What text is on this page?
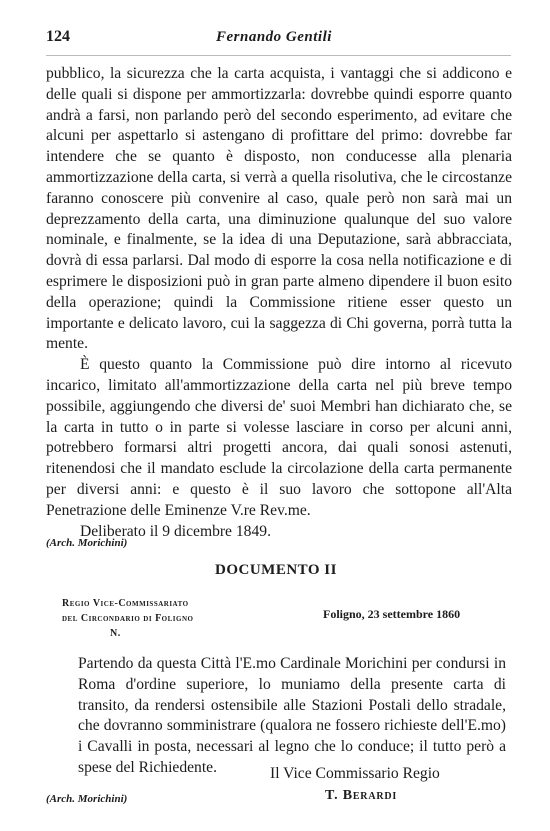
124	Fernando Gentili

pubblico, la sicurezza che la carta acquista, i vantaggi che si addicono e delle quali si dispone per ammortizzarla: dovrebbe quindi esporre quanto andrà a farsi, non parlando però del secondo esperimento, ad evitare che alcuni per aspettarlo si astengano di profittare del primo: dovrebbe far intendere che se quanto è disposto, non conducesse alla plenaria ammortizzazione della carta, si verrà a quella risolutiva, che le circostanze faranno conoscere più convenire al caso, quale però non sarà mai un deprezzamento della carta, una diminuzione qualunque del suo valore nominale, e finalmente, se la idea di una Deputazione, sarà abbracciata, dovrà di essa parlarsi. Dal modo di esporre la cosa nella notificazione e di esprimere le disposizioni può in gran parte almeno dipendere il buon esito della operazione; quindi la Commissione ritiene esser questo un importante e delicato lavoro, cui la saggezza di Chi governa, porrà tutta la mente.

È questo quanto la Commissione può dire intorno al ricevuto incarico, limitato all'ammortizzazione della carta nel più breve tempo possibile, aggiungendo che diversi de' suoi Membri han dichiarato che, se la carta in tutto o in parte si volesse lasciare in corso per alcuni anni, potrebbero formarsi altri progetti ancora, dai quali sonosi astenuti, ritenendosi che il mandato esclude la circolazione della carta permanente per diversi anni: e questo è il suo lavoro che sottopone all'Alta Penetrazione delle Eminenze V.re Rev.me.

Deliberato il 9 dicembre 1849.

(Arch. Morichini)
DOCUMENTO II
Regio Vice-Commissariato
del Circondario di Foligno
N.
Foligno, 23 settembre 1860

Partendo da questa Città l'E.mo Cardinale Morichini per condursi in Roma d'ordine superiore, lo muniamo della presente carta di transito, da rendersi ostensibile alle Stazioni Postali dello stradale, che dovranno somministrare (qualora ne fossero richieste dell'E.mo) i Cavalli in posta, necessari al legno che lo conduce; il tutto però a spese del Richiedente.	Il Vice Commissario Regio
T. Berardi
(Arch. Morichini)
